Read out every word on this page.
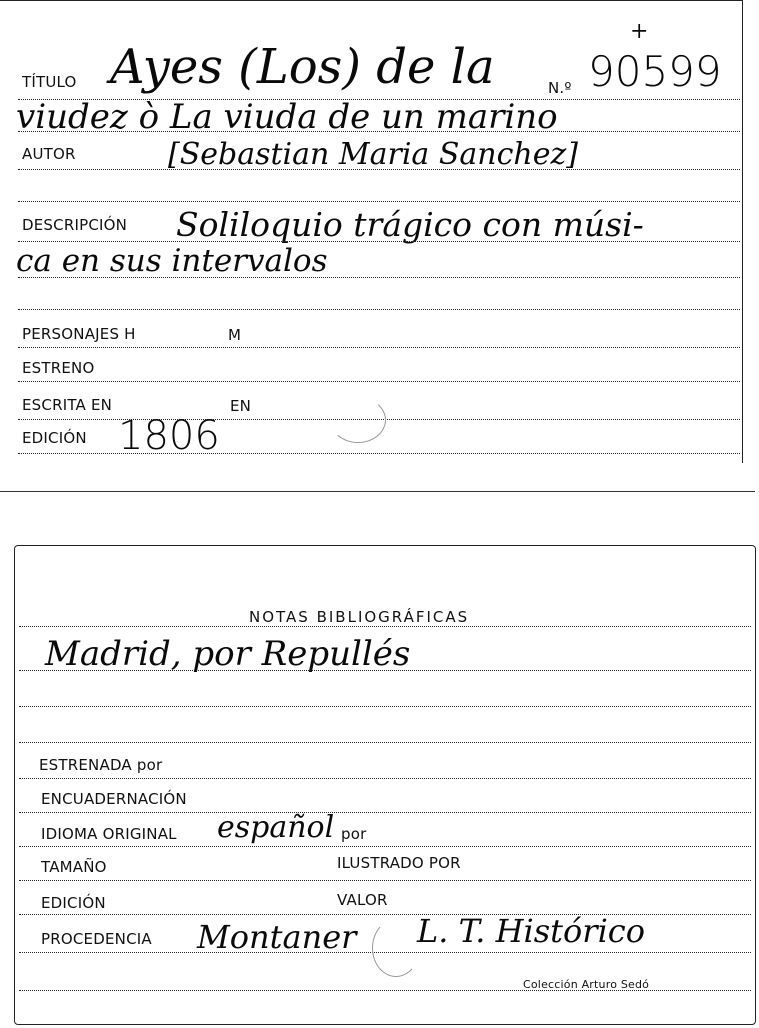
+
TÍTULO Ayes (Los) de la	N.º 90599
viudez ò La viuda de un marino
AUTOR	[Sebastian Maria Sanchez]
DESCRIPCIÓN Soliloquio trágico con músi-
ca en sus intervalos
PERSONAJES H	M
ESTRENO
ESCRITA EN	EN
EDICIÓN 1806
NOTAS BIBLIOGRÁFICAS
Madrid, por Repullés
ESTRENADA por
ENCUADERNACIÓN
IDIOMA ORIGINAL español por
TAMAÑO	ILUSTRADO POR
EDICIÓN	VALOR
PROCEDENCIA Montaner L. T. Histórico
Colección Arturo Sedó
